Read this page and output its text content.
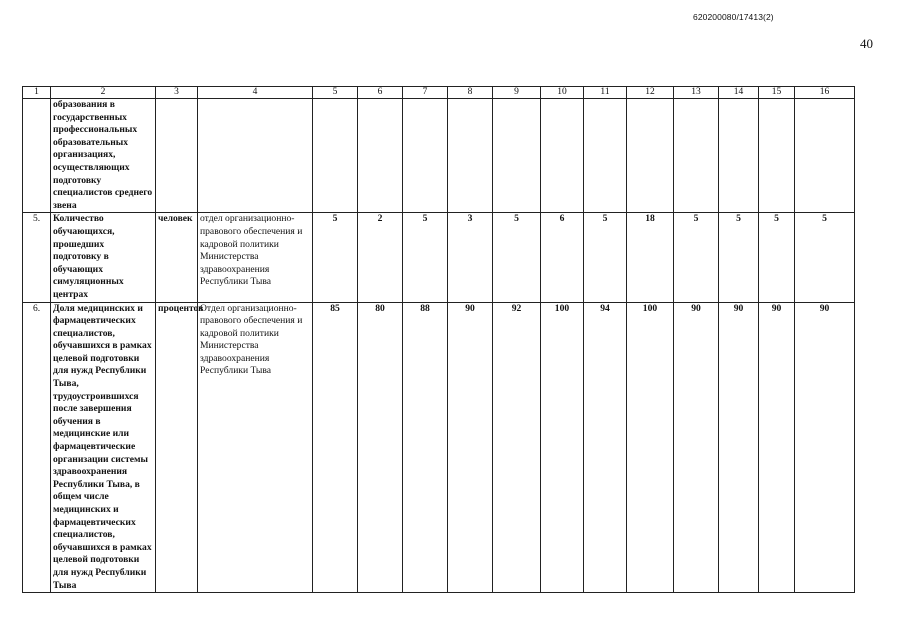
620200080/17413(2)
40
1	2	3	4	5	6	7	8	9	10	11	12	13	14	15	16
	образования в государственных профессиональных образовательных организациях, осуществляющих подготовку специалистов среднего звена														
5.	Количество обучающихся, прошедших подготовку в обучающих симуляционных центрах	человек	отдел организационно-правового обеспечения и кадровой политики Министерства здравоохранения Республики Тыва	5	2	5	3	5	6	5	18	5	5	5	5
6.	Доля медицинских и фармацевтических специалистов, обучавшихся в рамках целевой подготовки для нужд Республики Тыва, трудоустроившихся после завершения обучения в медицинские или фармацевтические организации системы здравоохранения Республики Тыва, в общем числе медицинских и фармацевтических специалистов, обучавшихся в рамках целевой подготовки для нужд Республики Тыва	процентов	Отдел организационно-правового обеспечения и кадровой политики Министерства здравоохранения Республики Тыва	85	80	88	90	92	100	94	100	90	90	90	90
